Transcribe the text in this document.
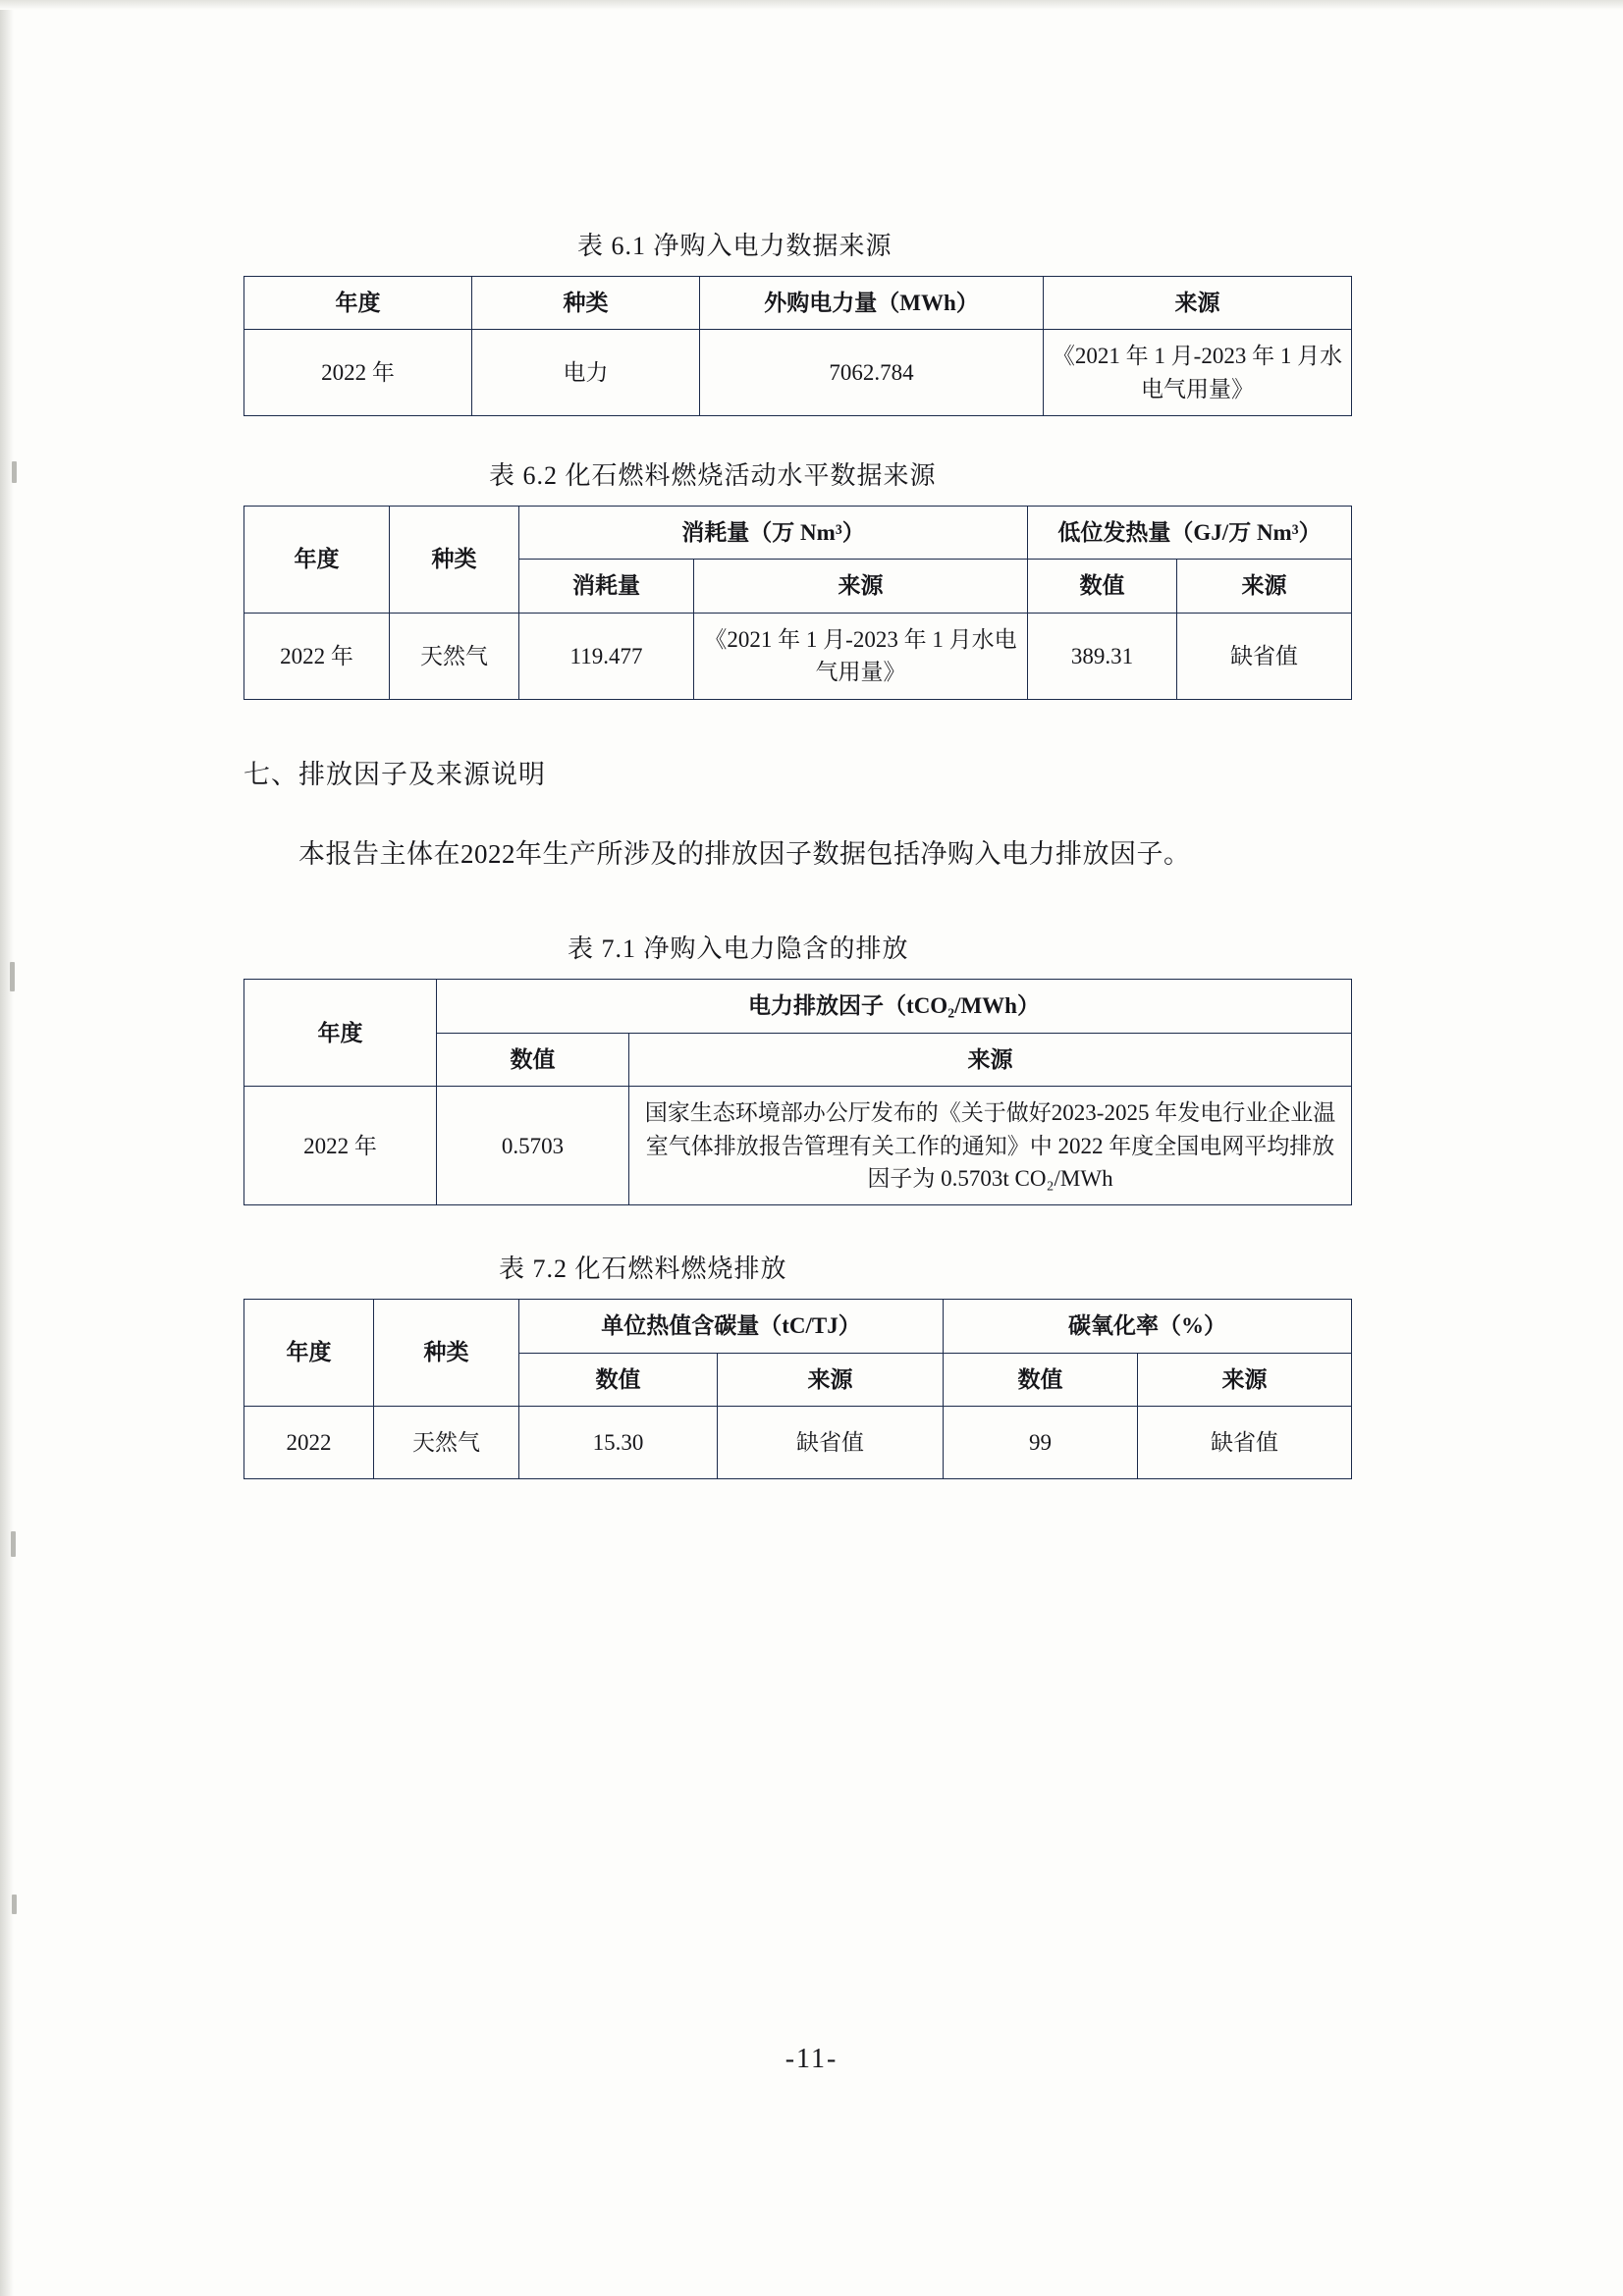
表 6.1 净购入电力数据来源
年度	种类	外购电力量（MWh）	来源
2022 年	电力	7062.784	《2021 年 1 月-2023 年 1 月水电气用量》
表 6.2 化石燃料燃烧活动水平数据来源
年度	种类	消耗量（万 Nm³）		低位发热量（GJ/万 Nm³）	
		消耗量	来源	数值	来源
2022 年	天然气	119.477	《2021 年 1 月-2023 年 1 月水电气用量》	389.31	缺省值
七、排放因子及来源说明
本报告主体在2022年生产所涉及的排放因子数据包括净购入电力排放因子。
表 7.1 净购入电力隐含的排放
年度	电力排放因子（tCO₂/MWh）	
	数值	来源
2022 年	0.5703	国家生态环境部办公厅发布的《关于做好2023-2025 年发电行业企业温室气体排放报告管理有关工作的通知》中 2022 年度全国电网平均排放因子为 0.5703t CO₂/MWh
表 7.2 化石燃料燃烧排放
年度	种类	单位热值含碳量（tC/TJ）		碳氧化率（%）	
		数值	来源	数值	来源
2022	天然气	15.30	缺省值	99	缺省值
-11-
